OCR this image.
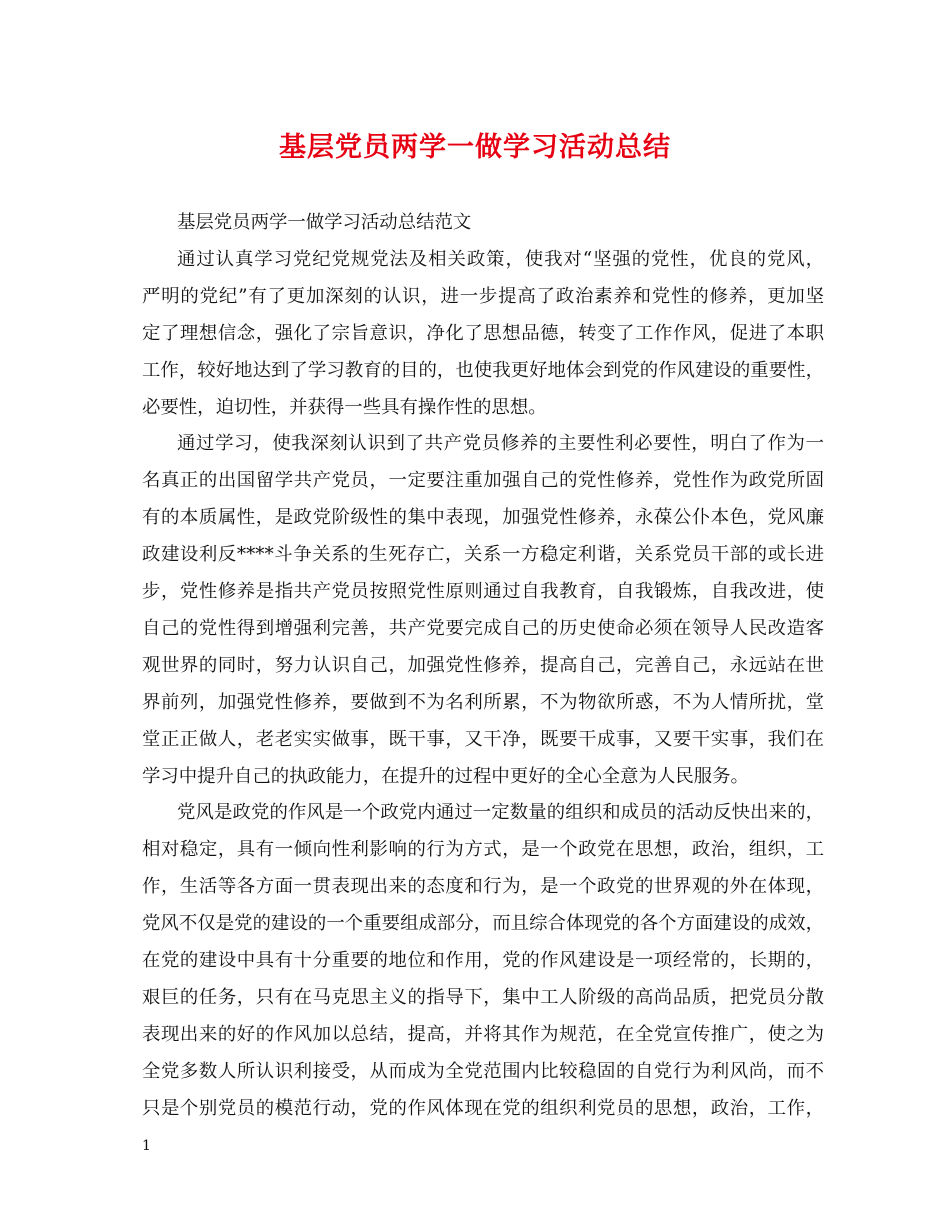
基层党员两学一做学习活动总结
基层党员两学一做学习活动总结范文
通过认真学习党纪党规党法及相关政策，使我对“坚强的党性，优良的党风，
严明的党纪”有了更加深刻的认识，进一步提高了政治素养和党性的修养，更加坚
定了理想信念，强化了宗旨意识，净化了思想品德，转变了工作作风，促进了本职
工作，较好地达到了学习教育的目的，也使我更好地体会到党的作风建设的重要性，
必要性，迫切性，并获得一些具有操作性的思想。
通过学习，使我深刻认识到了共产党员修养的主要性利必要性，明白了作为一
名真正的出国留学共产党员，一定要注重加强自己的党性修养，党性作为政党所固
有的本质属性，是政党阶级性的集中表现，加强党性修养，永葆公仆本色，党风廉
政建设利反****斗争关系的生死存亡，关系一方稳定利谐，关系党员干部的或长进
步，党性修养是指共产党员按照党性原则通过自我教育，自我锻炼，自我改进，使
自己的党性得到增强利完善，共产党要完成自己的历史使命必须在领导人民改造客
观世界的同时，努力认识自己，加强党性修养，提高自己，完善自己，永远站在世
界前列，加强党性修养，要做到不为名利所累，不为物欲所惑，不为人情所扰，堂
堂正正做人，老老实实做事，既干事，又干净，既要干成事，又要干实事，我们在
学习中提升自己的执政能力，在提升的过程中更好的全心全意为人民服务。
党风是政党的作风是一个政党内通过一定数量的组织和成员的活动反快出来的，
相对稳定，具有一倾向性利影响的行为方式，是一个政党在思想，政治，组织，工
作，生活等各方面一贯表现出来的态度和行为，是一个政党的世界观的外在体现，
党风不仅是党的建设的一个重要组成部分，而且综合体现党的各个方面建设的成效，
在党的建设中具有十分重要的地位和作用，党的作风建设是一项经常的，长期的，
艰巨的任务，只有在马克思主义的指导下，集中工人阶级的高尚品质，把党员分散
表现出来的好的作风加以总结，提高，并将其作为规范，在全党宣传推广，使之为
全党多数人所认识利接受，从而成为全党范围内比较稳固的自党行为利风尚，而不
只是个别党员的模范行动，党的作风体现在党的组织利党员的思想，政治，工作，
1
